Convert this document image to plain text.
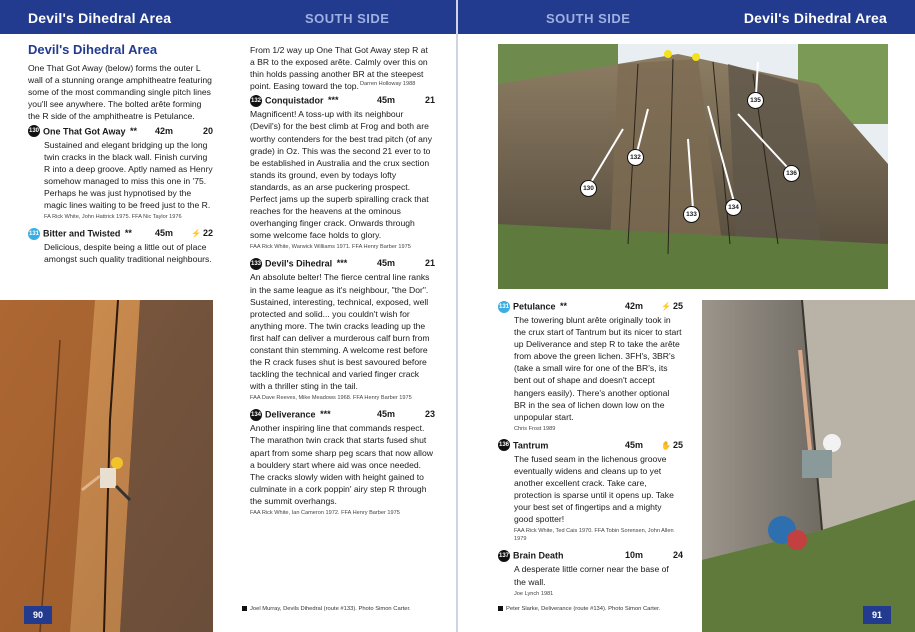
Devil's Dihedral Area	SOUTH SIDE
Devil's Dihedral Area

One That Got Away (below) forms the outer L wall of a stunning orange amphitheatre featuring some of the most commanding single pitch lines you'll see anywhere. The bolted arête forming the R side of the amphitheatre is Petulance.

130 One That Got Away ** 42m	20

Sustained and elegant bridging up the long twin cracks in the black wall. Finish curving R into a deep groove. Aptly named as Henry somehow managed to miss this one in '75. Perhaps he was just hypnotised by the magic lines waiting to be freed just to the R.

FA Rick White, John Hattrick 1975. FFA Nic Taylor 1976
131 Bitter and Twisted **	45m ⚡ 22

Delicious, despite being a little out of place amongst such quality traditional neighbours.

From 1/2 way up One That Got Away step R at a BR to the exposed arête. Calmly over this on thin holds passing another BR at the steepest point. Easing toward the top. Darren Holloway 1988
132 Conquistador ***	45m	21

Magnificent! A toss-up with its neighbour (Devil's) for the best climb at Frog and both are worthy contenders for the best trad pitch (of any grade) in Oz. This was the second 21 ever to to be established in Australia and the crux section stands its ground, even by todays lofty standards, as an arse puckering prospect. Perfect jams up the superb spiralling crack that reaches for the heavens at the ominous overhanging finger crack. Onwards through some welcome face holds to glory.

FAA Rick White, Warwick Williams 1971. FFA Henry Barber 1975
133 Devil's Dihedral ***	45m	21

An absolute belter! The fierce central line ranks in the same league as it's neighbour, "the Dor". Sustained, interesting, technical, exposed, well protected and solid... you couldn't wish for anything more. The twin cracks leading up the first half can deliver a murderous calf burn from constant thin stemming. A welcome rest before the R crack fuses shut is best savoured before tackling the technical and varied finger crack with a thriller sting in the tail.

FAA Dave Reeves, Mike Meadows 1968. FFA Henry Barber 1975
134 Deliverance ***	45m	23

Another inspiring line that commands respect. The marathon twin crack that starts fused shut apart from some sharp peg scars that now allow a bouldery start where aid was once needed. The cracks slowly widen with height gained to culminate in a cork poppin' airy step R through the summit overhangs.

FAA Rick White, Ian Cameron 1972. FFA Henry Barber 1975
Joel Murray, Devils Dihedral (route #133). Photo Simon Carter.
90
SOUTH SIDE	Devil's Dihedral Area
130
132
133
134
135
136
131 Petulance **	42m ⚡ 25

The towering blunt arête originally took in the crux start of Tantrum but its nicer to start up Deliverance and step R to take the arête from above the green lichen. 3FH's, 3BR's (take a small wire for one of the BR's, its bent out of shape and doesn't accept hangers easily). There's another optional BR in the sea of lichen down low on the unpopular start.

Chris Frost 1989
136 Tantrum	45m ✋ 25

The fused seam in the lichenous groove eventually widens and cleans up to yet another excellent crack. Take care, protection is sparse until it opens up. Take your best set of fingertips and a mighty good spotter!

FAA Rick White, Ted Cais 1970. FFA Tobin Sorensen, John Allen 1979
137 Brain Death	10m	24

A desperate little corner near the base of the wall.

Joe Lynch 1981
Peter Slarke, Deliverance (route #134). Photo Simon Carter.
91
